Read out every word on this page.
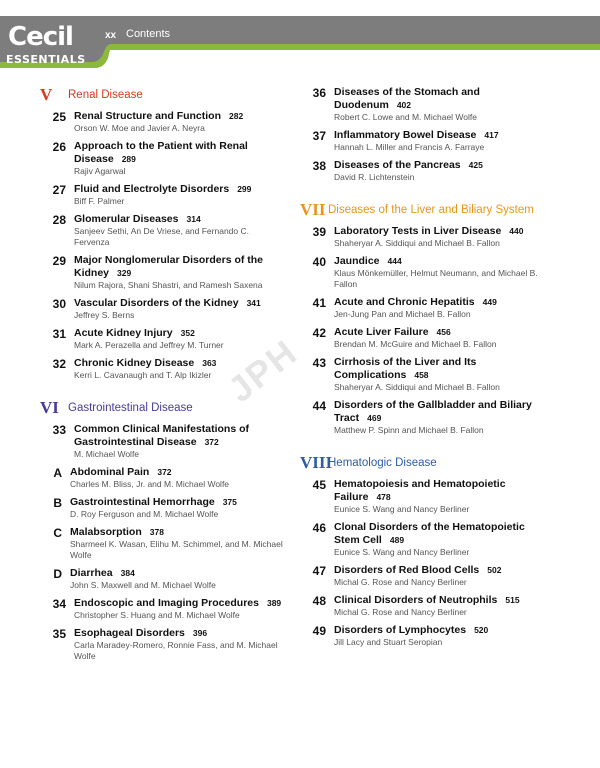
Cecil
ESSENTIALS
xx Contents
JPH
V	Renal Disease
25 Renal Structure and Function 282
Orson W. Moe and Javier A. Neyra
26 Approach to the Patient with Renal Disease 289
Rajiv Agarwal
27 Fluid and Electrolyte Disorders 299
Biff F. Palmer
28 Glomerular Diseases 314
Sanjeev Sethi, An De Vriese, and Fernando C. Fervenza
29 Major Nonglomerular Disorders of the Kidney 329
Nilum Rajora, Shani Shastri, and Ramesh Saxena
30 Vascular Disorders of the Kidney 341
Jeffrey S. Berns
31 Acute Kidney Injury 352
Mark A. Perazella and Jeffrey M. Turner
32 Chronic Kidney Disease 363
Kerri L. Cavanaugh and T. Alp Ikizler
VI Gastrointestinal Disease
33 Common Clinical Manifestations of Gastrointestinal Disease 372
M. Michael Wolfe
A Abdominal Pain 372
Charles M. Bliss, Jr. and M. Michael Wolfe
B Gastrointestinal Hemorrhage 375
D. Roy Ferguson and M. Michael Wolfe
C Malabsorption 378
Sharmeel K. Wasan, Elihu M. Schimmel, and M. Michael Wolfe
D Diarrhea 384
John S. Maxwell and M. Michael Wolfe
34 Endoscopic and Imaging Procedures 389
Christopher S. Huang and M. Michael Wolfe
35 Esophageal Disorders 396
Carla Maradey-Romero, Ronnie Fass, and M. Michael Wolfe
36 Diseases of the Stomach and Duodenum 402
Robert C. Lowe and M. Michael Wolfe
37 Inflammatory Bowel Disease 417
Hannah L. Miller and Francis A. Farraye
38 Diseases of the Pancreas 425
David R. Lichtenstein
VII Diseases of the Liver and Biliary System
39 Laboratory Tests in Liver Disease 440
Shaheryar A. Siddiqui and Michael B. Fallon
40 Jaundice 444
Klaus Mönkemüller, Helmut Neumann, and Michael B. Fallon
41 Acute and Chronic Hepatitis 449
Jen-Jung Pan and Michael B. Fallon
42 Acute Liver Failure 456
Brendan M. McGuire and Michael B. Fallon
43 Cirrhosis of the Liver and Its Complications 458
Shaheryar A. Siddiqui and Michael B. Fallon
44 Disorders of the Gallbladder and Biliary Tract 469
Matthew P. Spinn and Michael B. Fallon
VIII
Hematologic Disease
45 Hematopoiesis and Hematopoietic Failure 478
Eunice S. Wang and Nancy Berliner
46 Clonal Disorders of the Hematopoietic Stem Cell 489
Eunice S. Wang and Nancy Berliner
47 Disorders of Red Blood Cells 502
Michal G. Rose and Nancy Berliner
48 Clinical Disorders of Neutrophils 515
Michal G. Rose and Nancy Berliner
49 Disorders of Lymphocytes 520
Jill Lacy and Stuart Seropian
